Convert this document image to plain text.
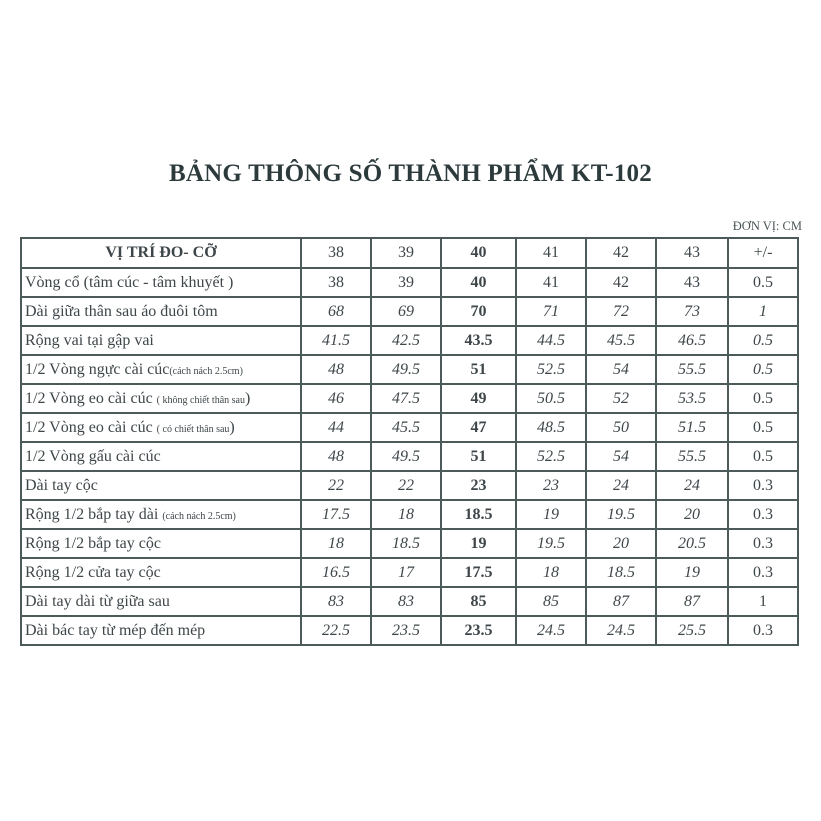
BẢNG THÔNG SỐ THÀNH PHẨM KT-102
ĐƠN VỊ: CM
VỊ TRÍ ĐO- CỠ	38	39	40	41	42	43	+/-
Vòng cổ (tâm cúc - tâm khuyết )	38	39	40	41	42	43	0.5
Dài giữa thân sau áo đuôi tôm	68	69	70	71	72	73	1
Rộng vai tại gập vai	41.5	42.5	43.5	44.5	45.5	46.5	0.5
1/2 Vòng ngực cài cúc(cách nách 2.5cm)	48	49.5	51	52.5	54	55.5	0.5
1/2 Vòng eo cài cúc ( không chiết thân sau)	46	47.5	49	50.5	52	53.5	0.5
1/2 Vòng eo cài cúc ( có chiết thân sau)	44	45.5	47	48.5	50	51.5	0.5
1/2 Vòng gấu cài cúc	48	49.5	51	52.5	54	55.5	0.5
Dài tay cộc	22	22	23	23	24	24	0.3
Rộng 1/2 bắp tay dài (cách nách 2.5cm)	17.5	18	18.5	19	19.5	20	0.3
Rộng 1/2 bắp tay cộc	18	18.5	19	19.5	20	20.5	0.3
Rộng 1/2 cửa tay cộc	16.5	17	17.5	18	18.5	19	0.3
Dài tay dài từ giữa sau	83	83	85	85	87	87	1
Dài bác tay từ mép đến mép	22.5	23.5	23.5	24.5	24.5	25.5	0.3
